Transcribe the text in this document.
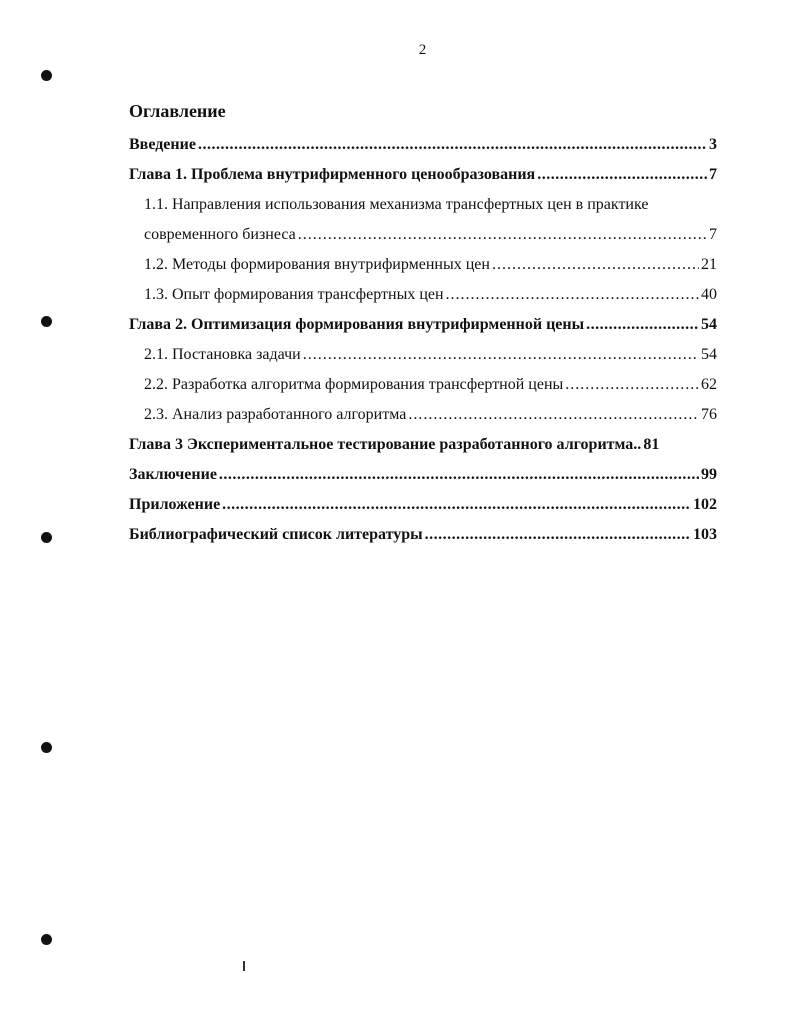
2
Оглавление
Введение .....	3
Глава 1. Проблема внутрифирменного ценообразования .....	7
1.1. Направления использования механизма трансфертных цен в практике
современного бизнеса .....	7
1.2. Методы формирования внутрифирменных цен .....	21
1.3. Опыт формирования трансфертных цен .....	40
Глава 2. Оптимизация формирования внутрифирменной цены .....	54
2.1. Постановка задачи .....	54
2.2. Разработка алгоритма формирования трансфертной цены .....	62
2.3. Анализ разработанного алгоритма .....	76
Глава 3 Экспериментальное тестирование разработанного алгоритма.. 81
Заключение .....	99
Приложение .....	102
Библиографический список литературы .....	103
